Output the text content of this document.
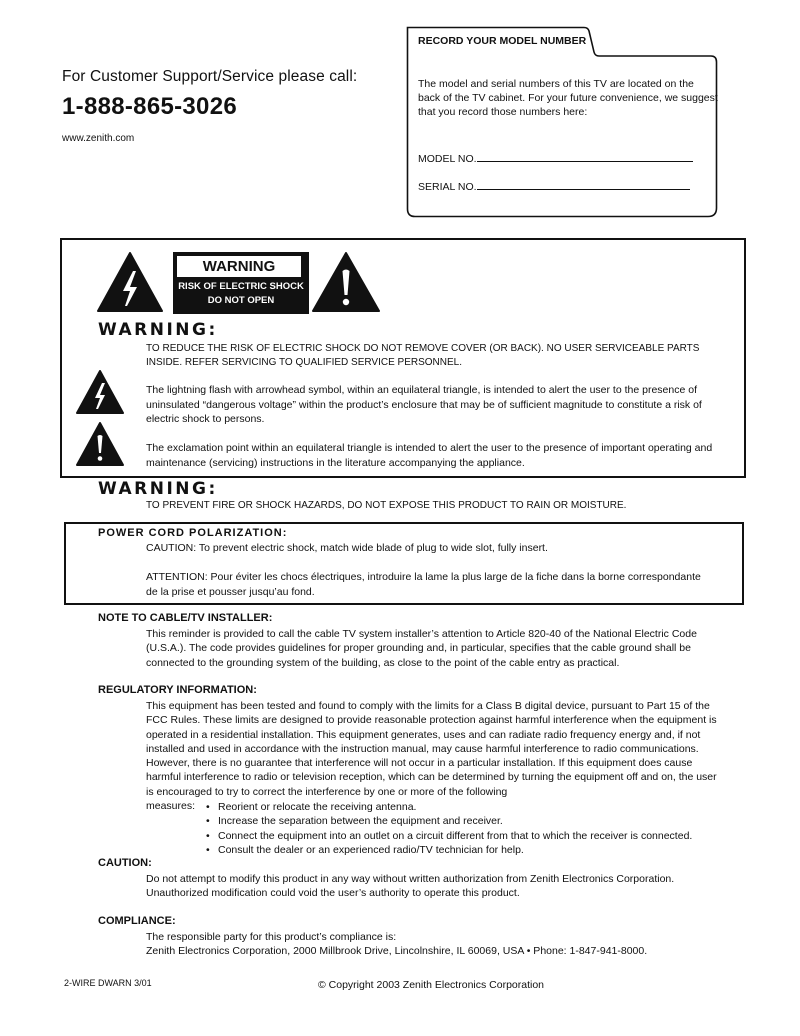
For Customer Support/Service please call:
1-888-865-3026
www.zenith.com
RECORD YOUR MODEL NUMBER
The model and serial numbers of this TV are located on the back of the TV cabinet. For your future convenience, we suggest that you record those numbers here:
MODEL NO.
SERIAL NO.
WARNING
RISK OF ELECTRIC SHOCK
DO NOT OPEN
WARNING:
TO REDUCE THE RISK OF ELECTRIC SHOCK DO NOT REMOVE COVER (OR BACK). NO USER SERVICEABLE PARTS INSIDE. REFER SERVICING TO QUALIFIED SERVICE PERSONNEL.
The lightning flash with arrowhead symbol, within an equilateral triangle, is intended to alert the user to the presence of uninsulated “dangerous voltage” within the product’s enclosure that may be of sufficient magnitude to constitute a risk of electric shock to persons.
The exclamation point within an equilateral triangle is intended to alert the user to the presence of important operating and maintenance (servicing) instructions in the literature accompanying the appliance.
WARNING:
TO PREVENT FIRE OR SHOCK HAZARDS, DO NOT EXPOSE THIS PRODUCT TO RAIN OR MOISTURE.
POWER CORD POLARIZATION:
CAUTION: To prevent electric shock, match wide blade of plug to wide slot, fully insert.
ATTENTION: Pour éviter les chocs électriques, introduire la lame la plus large de la fiche dans la borne correspondante de la prise et pousser jusqu’au fond.
NOTE TO CABLE/TV INSTALLER:
This reminder is provided to call the cable TV system installer’s attention to Article 820-40 of the National Electric Code (U.S.A.). The code provides guidelines for proper grounding and, in particular, specifies that the cable ground shall be connected to the grounding system of the building, as close to the point of the cable entry as practical.
REGULATORY INFORMATION:
This equipment has been tested and found to comply with the limits for a Class B digital device, pursuant to Part 15 of the FCC Rules. These limits are designed to provide reasonable protection against harmful interference when the equipment is operated in a residential installation. This equipment generates, uses and can radiate radio frequency energy and, if not installed and used in accordance with the instruction manual, may cause harmful interference to radio communications. However, there is no guarantee that interference will not occur in a particular installation. If this equipment does cause harmful interference to radio or television reception, which can be determined by turning the equipment off and on, the user is encouraged to try to correct the interference by one or more of the following
measures:
•	Reorient or relocate the receiving antenna.
• Increase the separation between the equipment and receiver.
• Connect the equipment into an outlet on a circuit different from that to which the receiver is connected.
• Consult the dealer or an experienced radio/TV technician for help.
CAUTION:
Do not attempt to modify this product in any way without written authorization from Zenith Electronics Corporation. Unauthorized modification could void the user’s authority to operate this product.
COMPLIANCE:
The responsible party for this product’s compliance is:
Zenith Electronics Corporation, 2000 Millbrook Drive, Lincolnshire, IL 60069, USA • Phone: 1-847-941-8000.
2-WIRE DWARN 3/01	© Copyright 2003 Zenith Electronics Corporation
